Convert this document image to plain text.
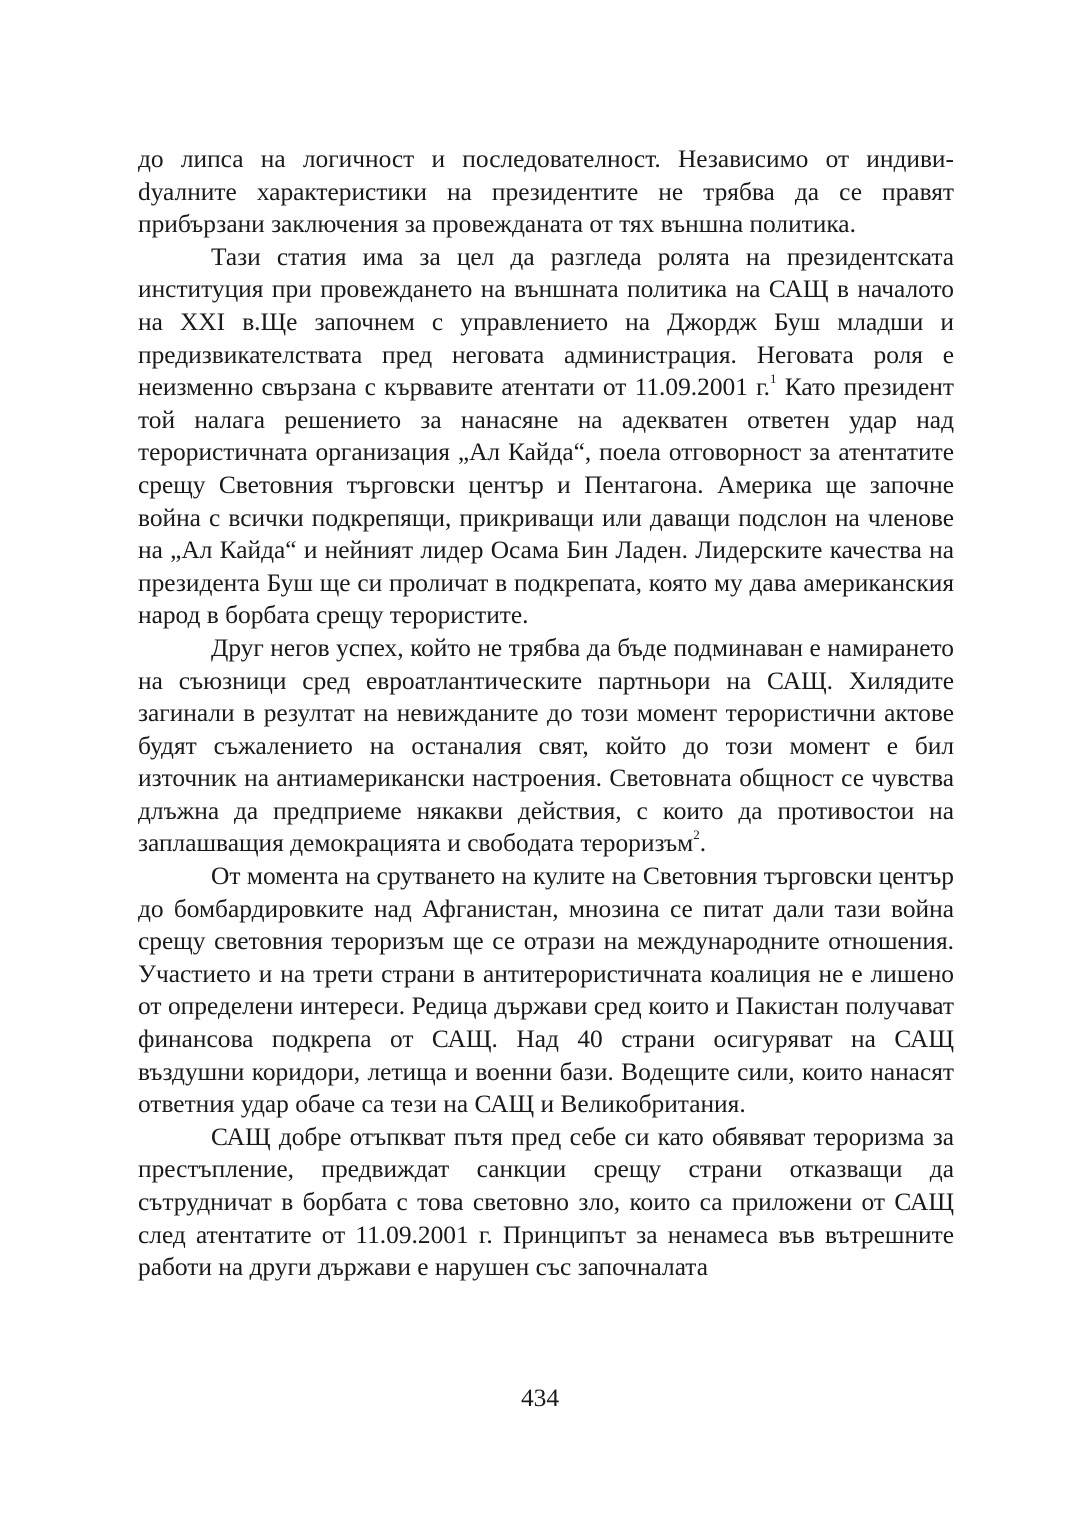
до липса на логичност и последователност. Независимо от индивиdуалните характеристики на президентите не трябва да се правят прибързани заключения за провежданата от тях външна политика.

Тази статия има за цел да разгледа ролята на президентската институция при провеждането на външната политика на САЩ в началото на XXI в.Ще започнем с управлението на Джордж Буш младши и предизвикателствата пред неговата администрация. Неговата роля е неизменно свързана с кървавите атентати от 11.09.2001 г.$^1$ Като президент той налага решението за нанасяне на адекватен ответен удар над терористичната организация „Ал Кайда“, поела отговорност за атентатите срещу Световния търговски център и Пентагона. Америка ще започне война с всички подкрепящи, прикриващи или даващи подслон на членове на „Ал Кайда“ и нейният лидер Осама Бин Ладен. Лидерските качества на президента Буш ще си проличат в подкрепата, която му дава американския народ в борбата срещу терористите.

Друг негов успех, който не трябва да бъде подминаван е намирането на съюзници сред евроатлантическите партньори на САЩ. Хилядите загинали в резултат на невижданите до този момент терористични актове будят съжалението на останалия свят, който до този момент е бил източник на антиамерикански настроения. Световната общност се чувства длъжна да предприеме някакви действия, с които да противостои на заплашващия демокрацията и свободата тероризъм$^2$.

От момента на срутването на кулите на Световния търговски център до бомбардировките над Афганистан, мнозина се питат дали тази война срещу световния тероризъм ще се отрази на международните отношения. Участието и на трети страни в антитерористичната коалиция не е лишено от определени интереси. Редица държави сред които и Пакистан получават финансова подкрепа от САЩ. Над 40 страни осигуряват на САЩ въздушни коридори, летища и военни бази. Водещите сили, които нанасят ответния удар обаче са тези на САЩ и Великобритания.

САЩ добре отъпкват пътя пред себе си като обявяват тероризма за престъпление, предвиждат санкции срещу страни отказващи да сътрудничат в борбата с това световно зло, които са приложени от САЩ след атентатите от 11.09.2001 г. Принципът за ненамеса във вътрешните работи на други държави е нарушен със започналата

434
